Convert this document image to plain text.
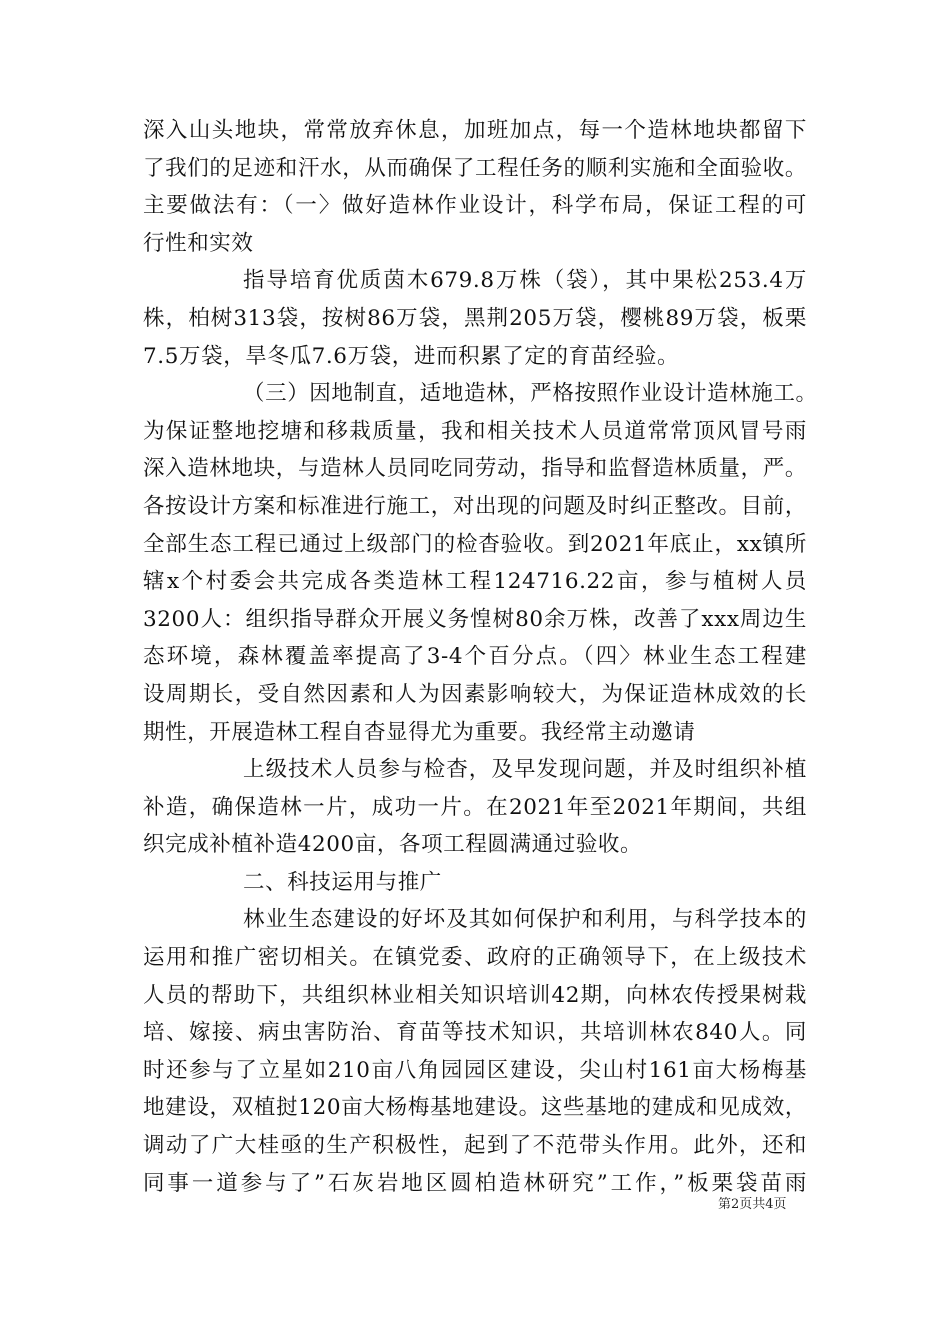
深入山头地块，常常放弃休息，加班加点，每一个造林地块都留下
了我们的足迹和汗水，从而确保了工程任务的顺利实施和全面验收。
主要做法有：（一〉做好造林作业设计，科学布局，保证工程的可
行性和实效
指导培育优质茵木679.8万株（袋），其中果松253.4万
株，柏树313袋，按树86万袋，黑荆205万袋，樱桃89万袋，板栗
7.5万袋，旱冬瓜7.6万袋，进而积累了定的育苗经验。
（三）因地制直，适地造林，严格按照作业设计造林施工。
为保证整地挖塘和移栽质量，我和相关技术人员道常常顶风冒号雨
深入造林地块，与造林人员同吃同劳动，指导和监督造林质量，严。
各按设计方案和标准进行施工，对出现的问题及时纠正整改。目前，
全部生态工程已通过上级部门的检杳验收。到2021年底止，xx镇所
辖x个村委会共完成各类造林工程124716.22亩，参与植树人员
3200人：组织指导群众开展义务惶树80余万株，改善了xxx周边生
态环境，森林覆盖率提高了3-4个百分点。（四〉林业生态工程建
设周期长，受自然因素和人为因素影响较大，为保证造林成效的长
期性，开展造林工程自杳显得尤为重要。我经常主动邀请
上级技术人员参与检杳，及早发现问题，并及时组织补植
补造，确保造林一片，成功一片。在2021年至2021年期间，共组
织完成补植补造4200亩，各项工程圆满通过验收。
二、科技运用与推广
林业生态建设的好坏及其如何保护和利用，与科学技本的
运用和推广密切相关。在镇党委、政府的正确领导下，在上级技术
人员的帮助下，共组织林业相关知识培训42期，向林农传授果树栽
培、嫁接、病虫害防治、育苗等技术知识，共培训林农840人。同
时还参与了立星如210亩八角园园区建设，尖山村161亩大杨梅基
地建设，双植挝120亩大杨梅基地建设。这些基地的建成和见成效，
调动了广大桂亟的生产积极性，起到了不范带头作用。此外，还和
同事一道参与了”石灰岩地区圆柏造林研究”工作，”板栗袋苗雨
第2页共4页
